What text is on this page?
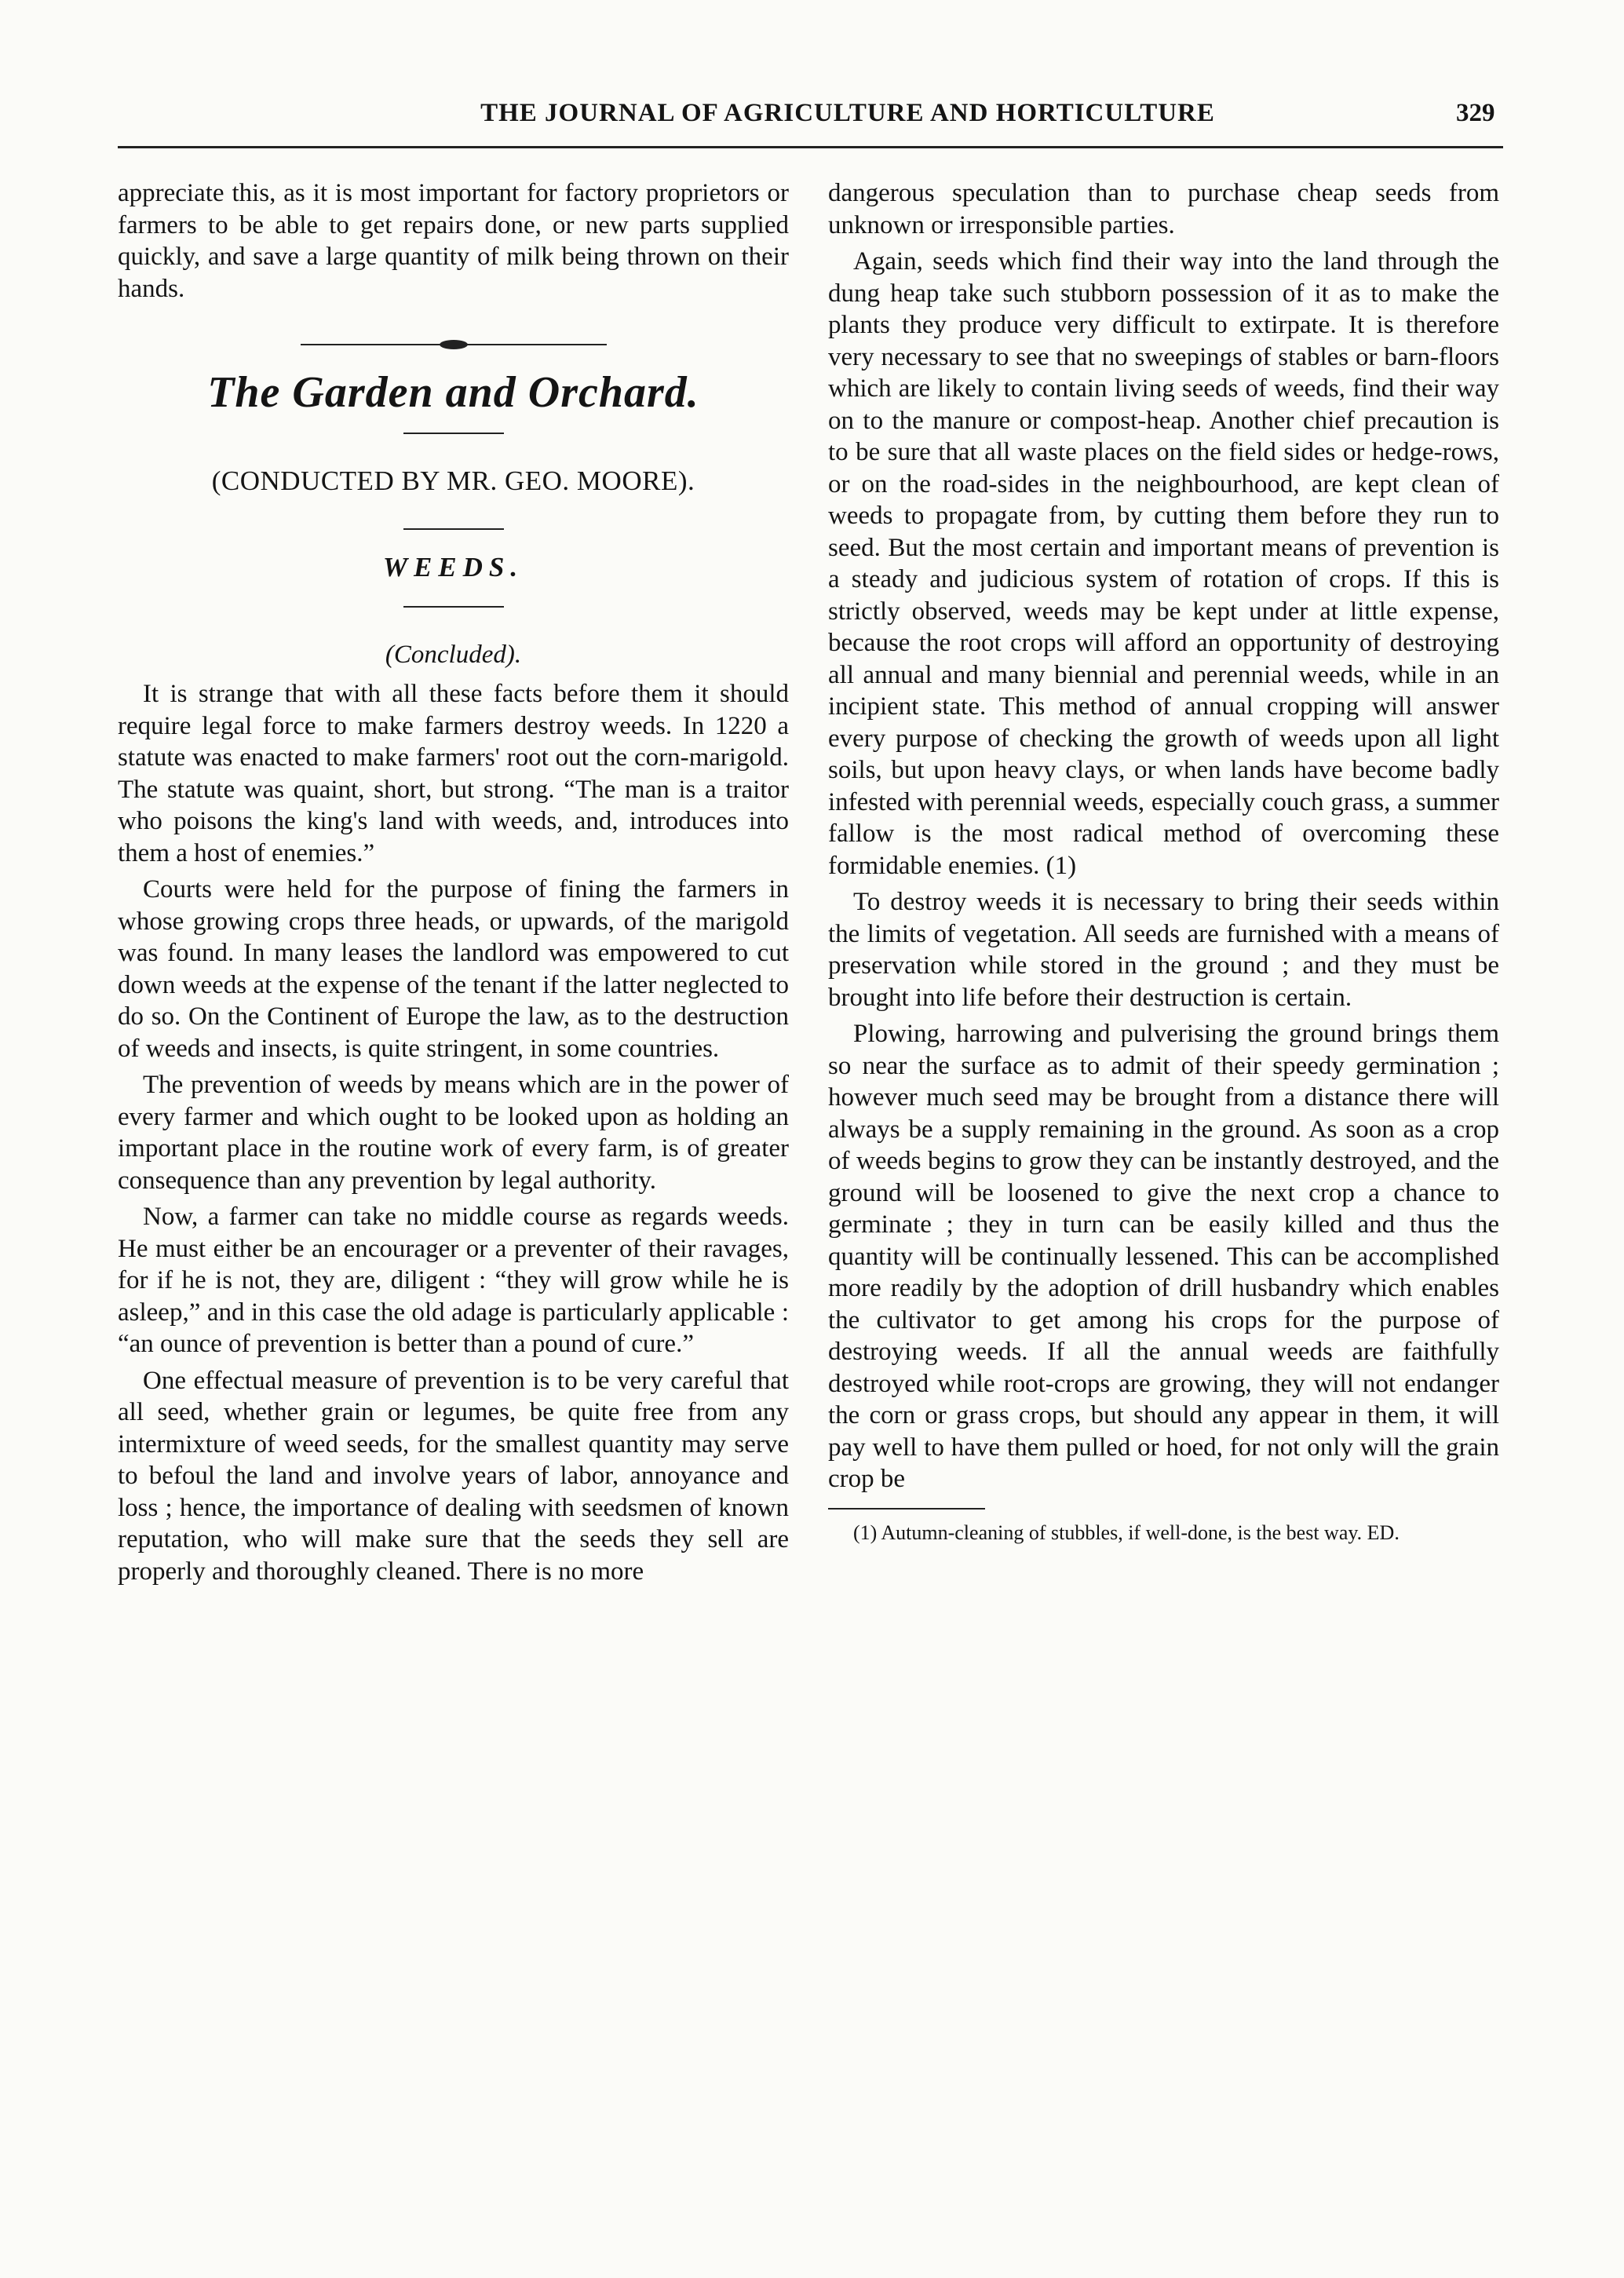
THE JOURNAL OF AGRICULTURE AND HORTICULTURE	329

appreciate this, as it is most important for factory proprietors or farmers to be able to get repairs done, or new parts supplied quickly, and save a large quantity of milk being thrown on their hands.

The Garden and Orchard.
(CONDUCTED BY MR. GEO. MOORE).
WEEDS.
(Concluded).

It is strange that with all these facts before them it should require legal force to make farmers destroy weeds. In 1220 a statute was enacted to make farmers' root out the corn-marigold. The statute was quaint, short, but strong. “The man is a traitor who poisons the king's land with weeds, and, introduces into them a host of enemies.”

Courts were held for the purpose of fining the farmers in whose growing crops three heads, or upwards, of the marigold was found. In many leases the landlord was empowered to cut down weeds at the expense of the tenant if the latter neglected to do so. On the Continent of Europe the law, as to the destruction of weeds and insects, is quite stringent, in some countries.

The prevention of weeds by means which are in the power of every farmer and which ought to be looked upon as holding an important place in the routine work of every farm, is of greater consequence than any prevention by legal authority.

Now, a farmer can take no middle course as regards weeds. He must either be an encourager or a preventer of their ravages, for if he is not, they are, diligent : “they will grow while he is asleep,” and in this case the old adage is particularly applicable : “an ounce of prevention is better than a pound of cure.”

One effectual measure of prevention is to be very careful that all seed, whether grain or legumes, be quite free from any intermixture of weed seeds, for the smallest quantity may serve to befoul the land and involve years of labor, annoyance and loss ; hence, the importance of dealing with seedsmen of known reputation, who will make sure that the seeds they sell are properly and thoroughly cleaned. There is no more

dangerous speculation than to purchase cheap seeds from unknown or irresponsible parties.

Again, seeds which find their way into the land through the dung heap take such stubborn possession of it as to make the plants they produce very difficult to extirpate. It is therefore very necessary to see that no sweepings of stables or barn-floors which are likely to contain living seeds of weeds, find their way on to the manure or compost-heap. Another chief precaution is to be sure that all waste places on the field sides or hedge-rows, or on the road-sides in the neighbourhood, are kept clean of weeds to propagate from, by cutting them before they run to seed. But the most certain and important means of prevention is a steady and judicious system of rotation of crops. If this is strictly observed, weeds may be kept under at little expense, because the root crops will afford an opportunity of destroying all annual and many biennial and perennial weeds, while in an incipient state. This method of annual cropping will answer every purpose of checking the growth of weeds upon all light soils, but upon heavy clays, or when lands have become badly infested with perennial weeds, especially couch grass, a summer fallow is the most radical method of overcoming these formidable enemies. (1)

To destroy weeds it is necessary to bring their seeds within the limits of vegetation. All seeds are furnished with a means of preservation while stored in the ground ; and they must be brought into life before their destruction is certain.

Plowing, harrowing and pulverising the ground brings them so near the surface as to admit of their speedy germination ; however much seed may be brought from a distance there will always be a supply remaining in the ground. As soon as a crop of weeds begins to grow they can be instantly destroyed, and the ground will be loosened to give the next crop a chance to germinate ; they in turn can be easily killed and thus the quantity will be continually lessened. This can be accomplished more readily by the adoption of drill husbandry which enables the cultivator to get among his crops for the purpose of destroying weeds. If all the annual weeds are faithfully destroyed while root-crops are growing, they will not endanger the corn or grass crops, but should any appear in them, it will pay well to have them pulled or hoed, for not only will the grain crop be

(1) Autumn-cleaning of stubbles, if well-done, is the best way. ED.
